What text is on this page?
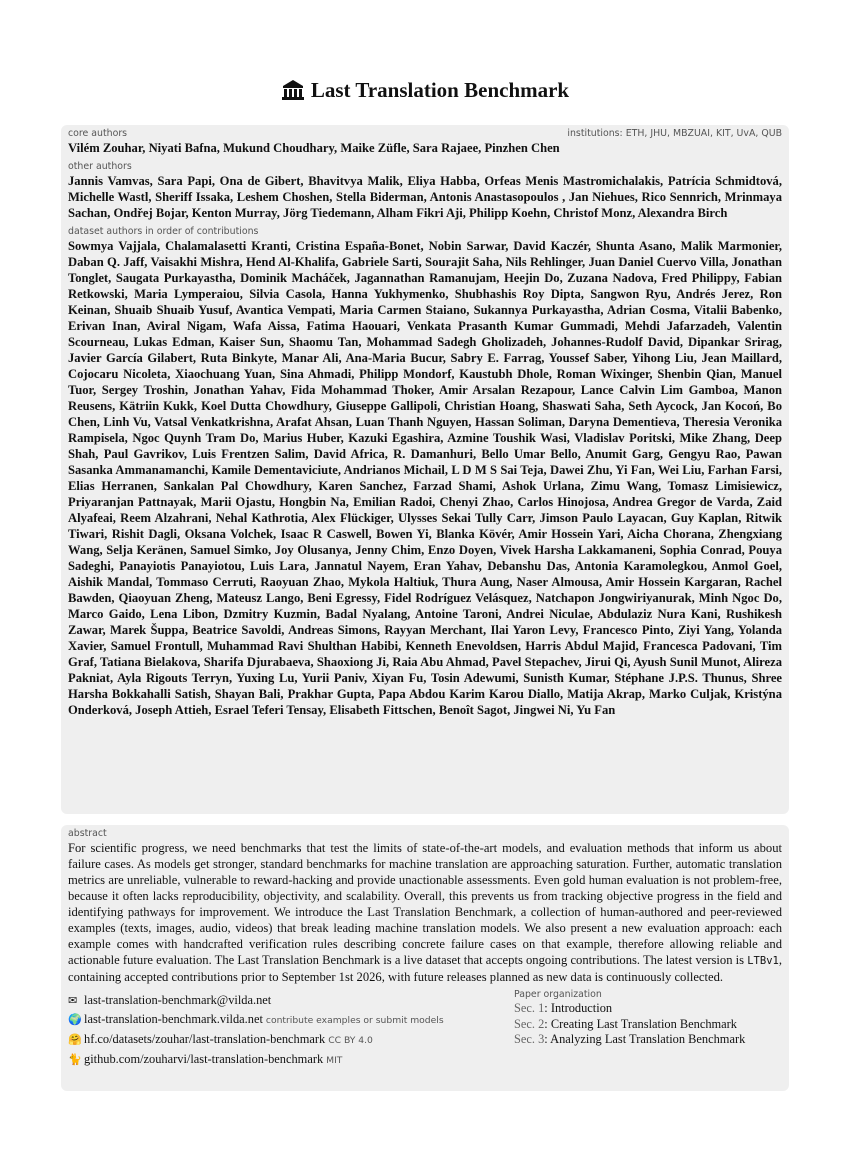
Last Translation Benchmark

core authors	institutions: ETH, JHU, MBZUAI, KIT, UvA, QUB

Vilém Zouhar, Niyati Bafna, Mukund Choudhary, Maike Züfle, Sara Rajaee, Pinzhen Chen

other authors

Jannis Vamvas, Sara Papi, Ona de Gibert, Bhavitvya Malik, Eliya Habba, Orfeas Menis Mastromichalakis, Patrícia Schmidtová, Michelle Wastl, Sheriff Issaka, Leshem Choshen, Stella Biderman, Antonis Anastasopoulos , Jan Niehues, Rico Sennrich, Mrinmaya Sachan, Ondřej Bojar, Kenton Murray, Jörg Tiedemann, Alham Fikri Aji, Philipp Koehn, Christof Monz, Alexandra Birch

dataset authors in order of contributions

Sowmya Vajjala, Chalamalasetti Kranti, Cristina España-Bonet, Nobin Sarwar, David Kaczér, Shunta Asano, Malik Marmonier, Daban Q. Jaff, Vaisakhi Mishra, Hend Al-Khalifa, Gabriele Sarti, Sourajit Saha, Nils Rehlinger, Juan Daniel Cuervo Villa, Jonathan Tonglet, Saugata Purkayastha, Dominik Macháček, Jagannathan Ramanujam, Heejin Do, Zuzana Nadova, Fred Philippy, Fabian Retkowski, Maria Lymperaiou, Silvia Casola, Hanna Yukhymenko, Shubhashis Roy Dipta, Sangwon Ryu, Andrés Jerez, Ron Keinan, Shuaib Shuaib Yusuf, Avantica Vempati, Maria Carmen Staiano, Sukannya Purkayastha, Adrian Cosma, Vitalii Babenko, Erivan Inan, Aviral Nigam, Wafa Aissa, Fatima Haouari, Venkata Prasanth Kumar Gummadi, Mehdi Jafarzadeh, Valentin Scourneau, Lukas Edman, Kaiser Sun, Shaomu Tan, Mohammad Sadegh Gholizadeh, Johannes-Rudolf David, Dipankar Srirag, Javier García Gilabert, Ruta Binkyte, Manar Ali, Ana-Maria Bucur, Sabry E. Farrag, Youssef Saber, Yihong Liu, Jean Maillard, Cojocaru Nicoleta, Xiaochuang Yuan, Sina Ahmadi, Philipp Mondorf, Kaustubh Dhole, Roman Wixinger, Shenbin Qian, Manuel Tuor, Sergey Troshin, Jonathan Yahav, Fida Mohammad Thoker, Amir Arsalan Rezapour, Lance Calvin Lim Gamboa, Manon Reusens, Kätriin Kukk, Koel Dutta Chowdhury, Giuseppe Gallipoli, Christian Hoang, Shaswati Saha, Seth Aycock, Jan Kocoń, Bo Chen, Linh Vu, Vatsal Venkatkrishna, Arafat Ahsan, Luan Thanh Nguyen, Hassan Soliman, Daryna Dementieva, Theresia Veronika Rampisela, Ngoc Quynh Tram Do, Marius Huber, Kazuki Egashira, Azmine Toushik Wasi, Vladislav Poritski, Mike Zhang, Deep Shah, Paul Gavrikov, Luis Frentzen Salim, David Africa, R. Damanhuri, Bello Umar Bello, Anumit Garg, Gengyu Rao, Pawan Sasanka Ammanamanchi, Kamile Dementaviciute, Andrianos Michail, L D M S Sai Teja, Dawei Zhu, Yi Fan, Wei Liu, Farhan Farsi, Elias Herranen, Sankalan Pal Chowdhury, Karen Sanchez, Farzad Shami, Ashok Urlana, Zimu Wang, Tomasz Limisiewicz, Priyaranjan Pattnayak, Marii Ojastu, Hongbin Na, Emilian Radoi, Chenyi Zhao, Carlos Hinojosa, Andrea Gregor de Varda, Zaid Alyafeai, Reem Alzahrani, Nehal Kathrotia, Alex Flückiger, Ulysses Sekai Tully Carr, Jimson Paulo Layacan, Guy Kaplan, Ritwik Tiwari, Rishit Dagli, Oksana Volchek, Isaac R Caswell, Bowen Yi, Blanka Kövér, Amir Hossein Yari, Aicha Chorana, Zhengxiang Wang, Selja Keränen, Samuel Simko, Joy Olusanya, Jenny Chim, Enzo Doyen, Vivek Harsha Lakkamaneni, Sophia Conrad, Pouya Sadeghi, Panayiotis Panayiotou, Luis Lara, Jannatul Nayem, Eran Yahav, Debanshu Das, Antonia Karamolegkou, Anmol Goel, Aishik Mandal, Tommaso Cerruti, Raoyuan Zhao, Mykola Haltiuk, Thura Aung, Naser Almousa, Amir Hossein Kargaran, Rachel Bawden, Qiaoyuan Zheng, Mateusz Lango, Beni Egressy, Fidel Rodríguez Velásquez, Natchapon Jongwiriyanurak, Minh Ngoc Do, Marco Gaido, Lena Libon, Dzmitry Kuzmin, Badal Nyalang, Antoine Taroni, Andrei Niculae, Abdulaziz Nura Kani, Rushikesh Zawar, Marek Šuppa, Beatrice Savoldi, Andreas Simons, Rayyan Merchant, Ilai Yaron Levy, Francesco Pinto, Ziyi Yang, Yolanda Xavier, Samuel Frontull, Muhammad Ravi Shulthan Habibi, Kenneth Enevoldsen, Harris Abdul Majid, Francesca Padovani, Tim Graf, Tatiana Bielakova, Sharifa Djurabaeva, Shaoxiong Ji, Raia Abu Ahmad, Pavel Stepachev, Jirui Qi, Ayush Sunil Munot, Alireza Pakniat, Ayla Rigouts Terryn, Yuxing Lu, Yurii Paniv, Xiyan Fu, Tosin Adewumi, Sunisth Kumar, Stéphane J.P.S. Thunus, Shree Harsha Bokkahalli Satish, Shayan Bali, Prakhar Gupta, Papa Abdou Karim Karou Diallo, Matija Akrap, Marko Culjak, Kristýna Onderková, Joseph Attieh, Esrael Teferi Tensay, Elisabeth Fittschen, Benoît Sagot, Jingwei Ni, Yu Fan

abstract

For scientific progress, we need benchmarks that test the limits of state-of-the-art models, and evaluation methods that inform us about failure cases. As models get stronger, standard benchmarks for machine translation are approaching saturation. Further, automatic translation metrics are unreliable, vulnerable to reward-hacking and provide unactionable assessments. Even gold human evaluation is not problem-free, because it often lacks reproducibility, objectivity, and scalability. Overall, this prevents us from tracking objective progress in the field and identifying pathways for improvement. We introduce the Last Translation Benchmark, a collection of human-authored and peer-reviewed examples (texts, images, audio, videos) that break leading machine translation models. We also present a new evaluation approach: each example comes with handcrafted verification rules describing concrete failure cases on that example, therefore allowing reliable and actionable future evaluation. The Last Translation Benchmark is a live dataset that accepts ongoing contributions. The latest version is LTBv1, containing accepted contributions prior to September 1st 2026, with future releases planned as new data is continuously collected.

✉ last-translation-benchmark@vilda.net
🌍 last-translation-benchmark.vilda.net contribute examples or submit models
🤗 hf.co/datasets/zouhar/last-translation-benchmark CC BY 4.0
🐈 github.com/zouharvi/last-translation-benchmark MIT

Paper organization

Sec. 1: Introduction
Sec. 2: Creating Last Translation Benchmark
Sec. 3: Analyzing Last Translation Benchmark
